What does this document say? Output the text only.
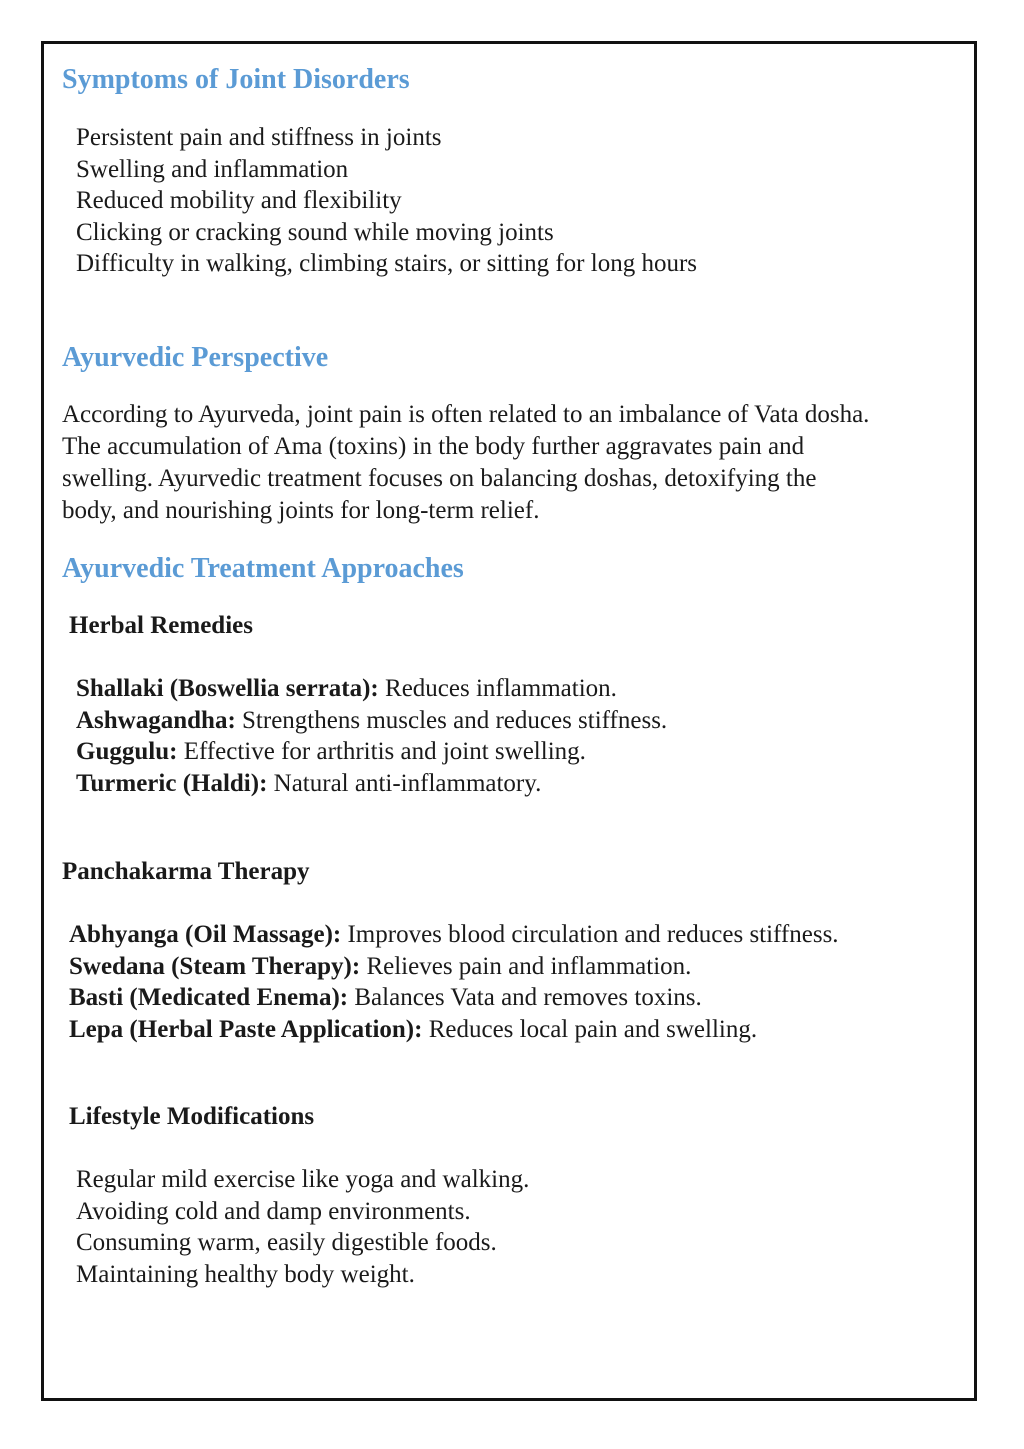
Symptoms of Joint Disorders
Persistent pain and stiffness in joints
Swelling and inflammation
Reduced mobility and flexibility
Clicking or cracking sound while moving joints
Difficulty in walking, climbing stairs, or sitting for long hours
Ayurvedic Perspective
According to Ayurveda, joint pain is often related to an imbalance of Vata dosha.
The accumulation of Ama (toxins) in the body further aggravates pain and
swelling. Ayurvedic treatment focuses on balancing doshas, detoxifying the
body, and nourishing joints for long-term relief.
Ayurvedic Treatment Approaches
Herbal Remedies
Shallaki (Boswellia serrata): Reduces inflammation.
Ashwagandha: Strengthens muscles and reduces stiffness.
Guggulu: Effective for arthritis and joint swelling.
Turmeric (Haldi): Natural anti-inflammatory.
Panchakarma Therapy
Abhyanga (Oil Massage): Improves blood circulation and reduces stiffness.
Swedana (Steam Therapy): Relieves pain and inflammation.
Basti (Medicated Enema): Balances Vata and removes toxins.
Lepa (Herbal Paste Application): Reduces local pain and swelling.
Lifestyle Modifications
Regular mild exercise like yoga and walking.
Avoiding cold and damp environments.
Consuming warm, easily digestible foods.
Maintaining healthy body weight.
